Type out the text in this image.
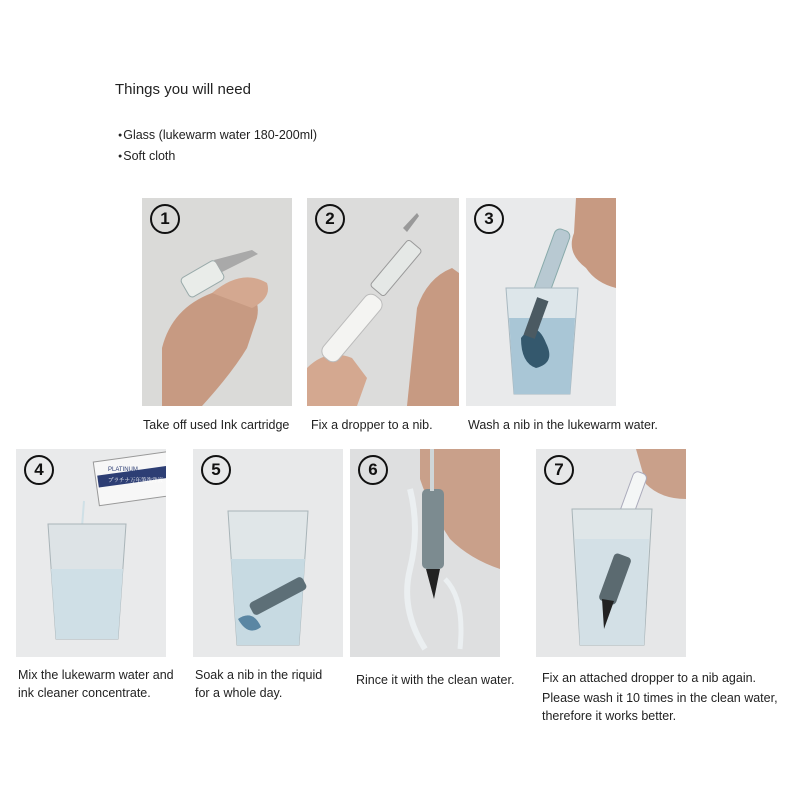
Things you will need
● Glass (lukewarm water 180-200ml)
● Soft cloth
1
Take off used Ink cartridge
2
Fix a dropper to a nib.
3
Wash a nib in the lukewarm water.
PLATINUM
プラチナ万年筆洗浄液
4
Mix the lukewarm water and ink cleaner concentrate.
5
Soak a nib in the riquid for a whole day.
6
Rince it with the clean water.
7
Fix an attached dropper to a nib again.
Please wash it 10 times in the clean water, therefore it works better.
